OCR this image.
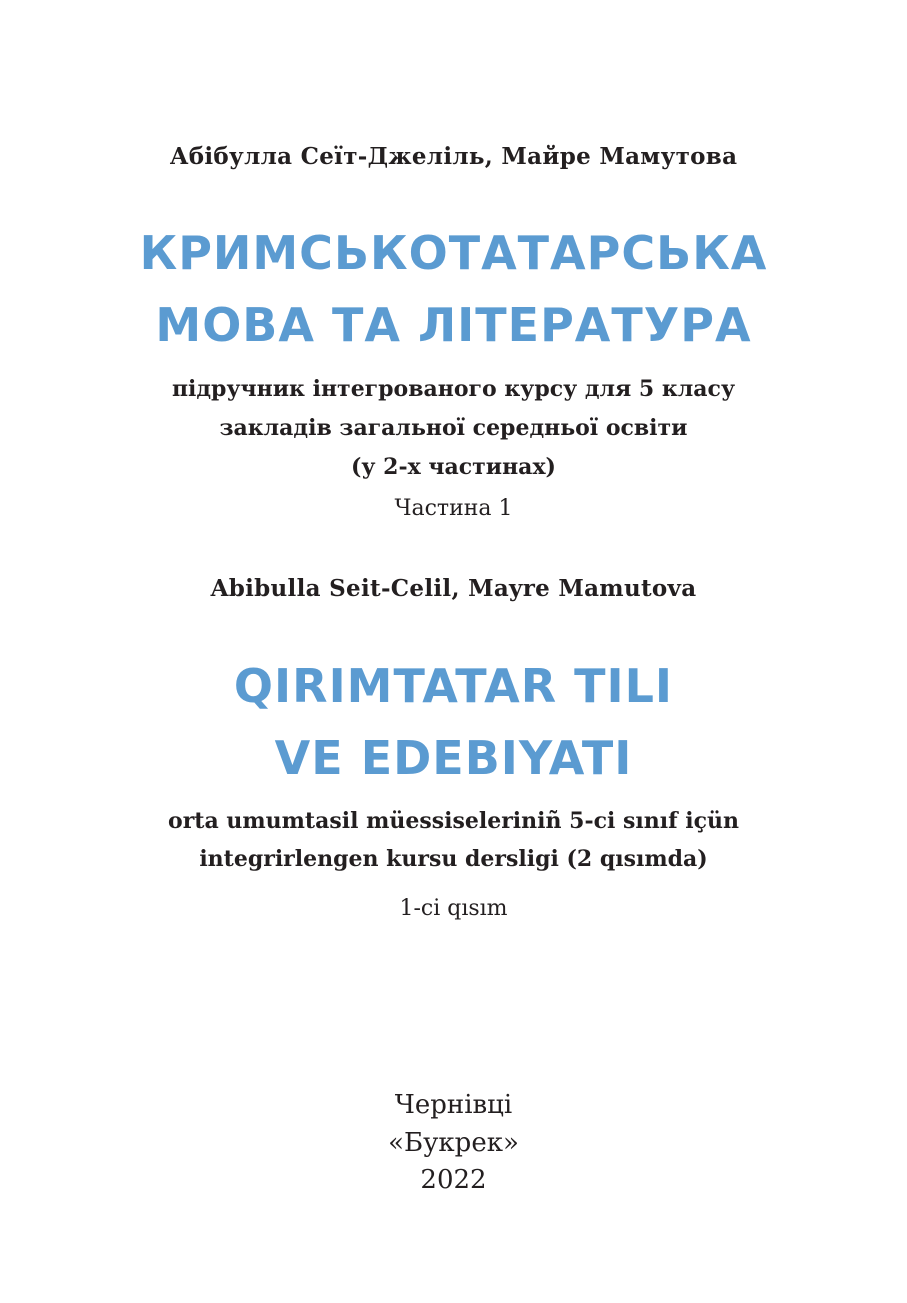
Абібулла Сеїт-Джеліль, Майре Мамутова

КРИМСЬКОТАТАРСЬКА

МОВА ТА ЛІТЕРАТУРА

підручник інтегрованого курсу для 5 класу

закладів загальної середньої освіти

(у 2-х частинах)

Частина 1

Abibulla Seit-Celil, Mayre Mamutova

QIRIMTATAR TILI

VE EDEBIYATI

orta umumtasil müessiseleriniñ 5-ci sınıf içün

integrirlengen kursu dersligi (2 qısımda)

1-ci qısım

Чернівці

«Букрек»

2022
